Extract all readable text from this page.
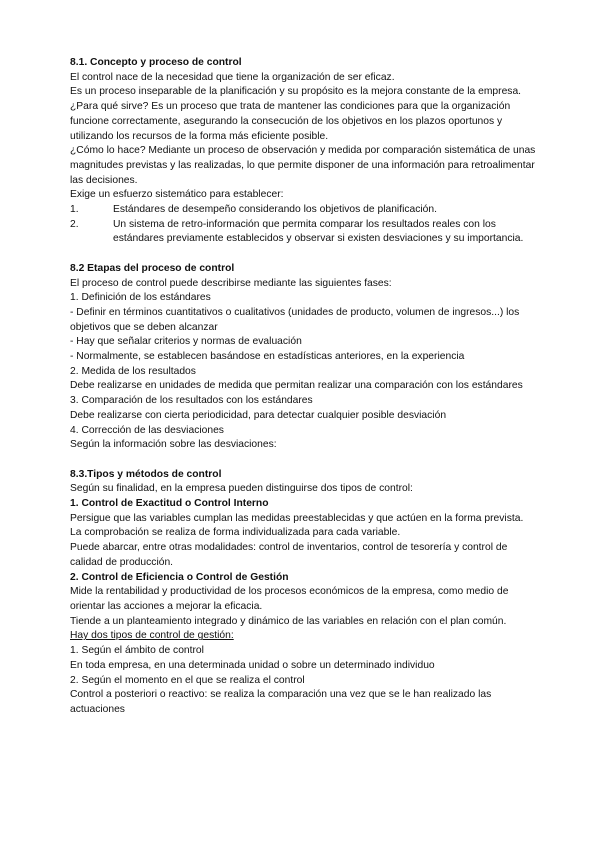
8.1. Concepto y proceso de control

El control nace de la necesidad que tiene la organización de ser eficaz.

Es un proceso inseparable de la planificación y su propósito es la mejora constante de la empresa.

¿Para qué sirve? Es un proceso que trata de mantener las condiciones para que la organización funcione correctamente, asegurando la consecución de los objetivos en los plazos oportunos y utilizando los recursos de la forma más eficiente posible.

¿Cómo lo hace? Mediante un proceso de observación y medida por comparación sistemática de unas magnitudes previstas y las realizadas, lo que permite disponer de una información para retroalimentar las decisiones.

Exige un esfuerzo sistemático para establecer:

1.	Estándares de desempeño considerando los objetivos de planificación.
2.	Un sistema de retro-información que permita comparar los resultados reales con los estándares previamente establecidos y observar si existen desviaciones y su importancia.

8.2 Etapas del proceso de control

El proceso de control puede describirse mediante las siguientes fases:

1. Definición de los estándares

- Definir en términos cuantitativos o cualitativos (unidades de producto, volumen de ingresos...) los objetivos que se deben alcanzar

- Hay que señalar criterios y normas de evaluación

- Normalmente, se establecen basándose en estadísticas anteriores, en la experiencia

2. Medida de los resultados

Debe realizarse en unidades de medida que permitan realizar una comparación con los estándares

3. Comparación de los resultados con los estándares

Debe realizarse con cierta periodicidad, para detectar cualquier posible desviación

4. Corrección de las desviaciones

Según la información sobre las desviaciones:

8.3.Tipos y métodos de control

Según su finalidad, en la empresa pueden distinguirse dos tipos de control:

1. Control de Exactitud o Control Interno

Persigue que las variables cumplan las medidas preestablecidas y que actúen en la forma prevista.

La comprobación se realiza de forma individualizada para cada variable.

Puede abarcar, entre otras modalidades: control de inventarios, control de tesorería y control de calidad de producción.

2. Control de Eficiencia o Control de Gestión

Mide la rentabilidad y productividad de los procesos económicos de la empresa, como medio de orientar las acciones a mejorar la eficacia.

Tiende a un planteamiento integrado y dinámico de las variables en relación con el plan común.

Hay dos tipos de control de gestión:

1. Según el ámbito de control

En toda empresa, en una determinada unidad o sobre un determinado individuo

2. Según el momento en el que se realiza el control

Control a posteriori o reactivo: se realiza la comparación una vez que se le han realizado las actuaciones
